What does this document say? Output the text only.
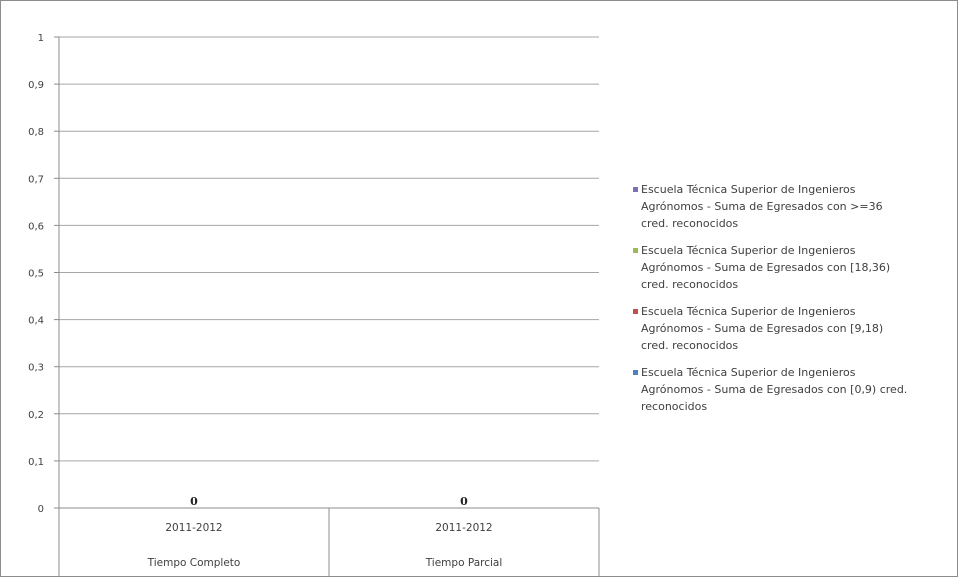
0
0,1
0,2
0,3
0,4
0,5
0,6
0,7
0,8
0,9
1
2011-2012
Tiempo Completo
0
2011-2012
Tiempo Parcial
0
Escuela Técnica Superior de Ingenieros Agrónomos - Suma de Egresados con >=36 cred. reconocidos
Escuela Técnica Superior de Ingenieros Agrónomos - Suma de Egresados con [18,36) cred. reconocidos
Escuela Técnica Superior de Ingenieros Agrónomos - Suma de Egresados con [9,18) cred. reconocidos
Escuela Técnica Superior de Ingenieros Agrónomos - Suma de Egresados con [0,9) cred. reconocidos
